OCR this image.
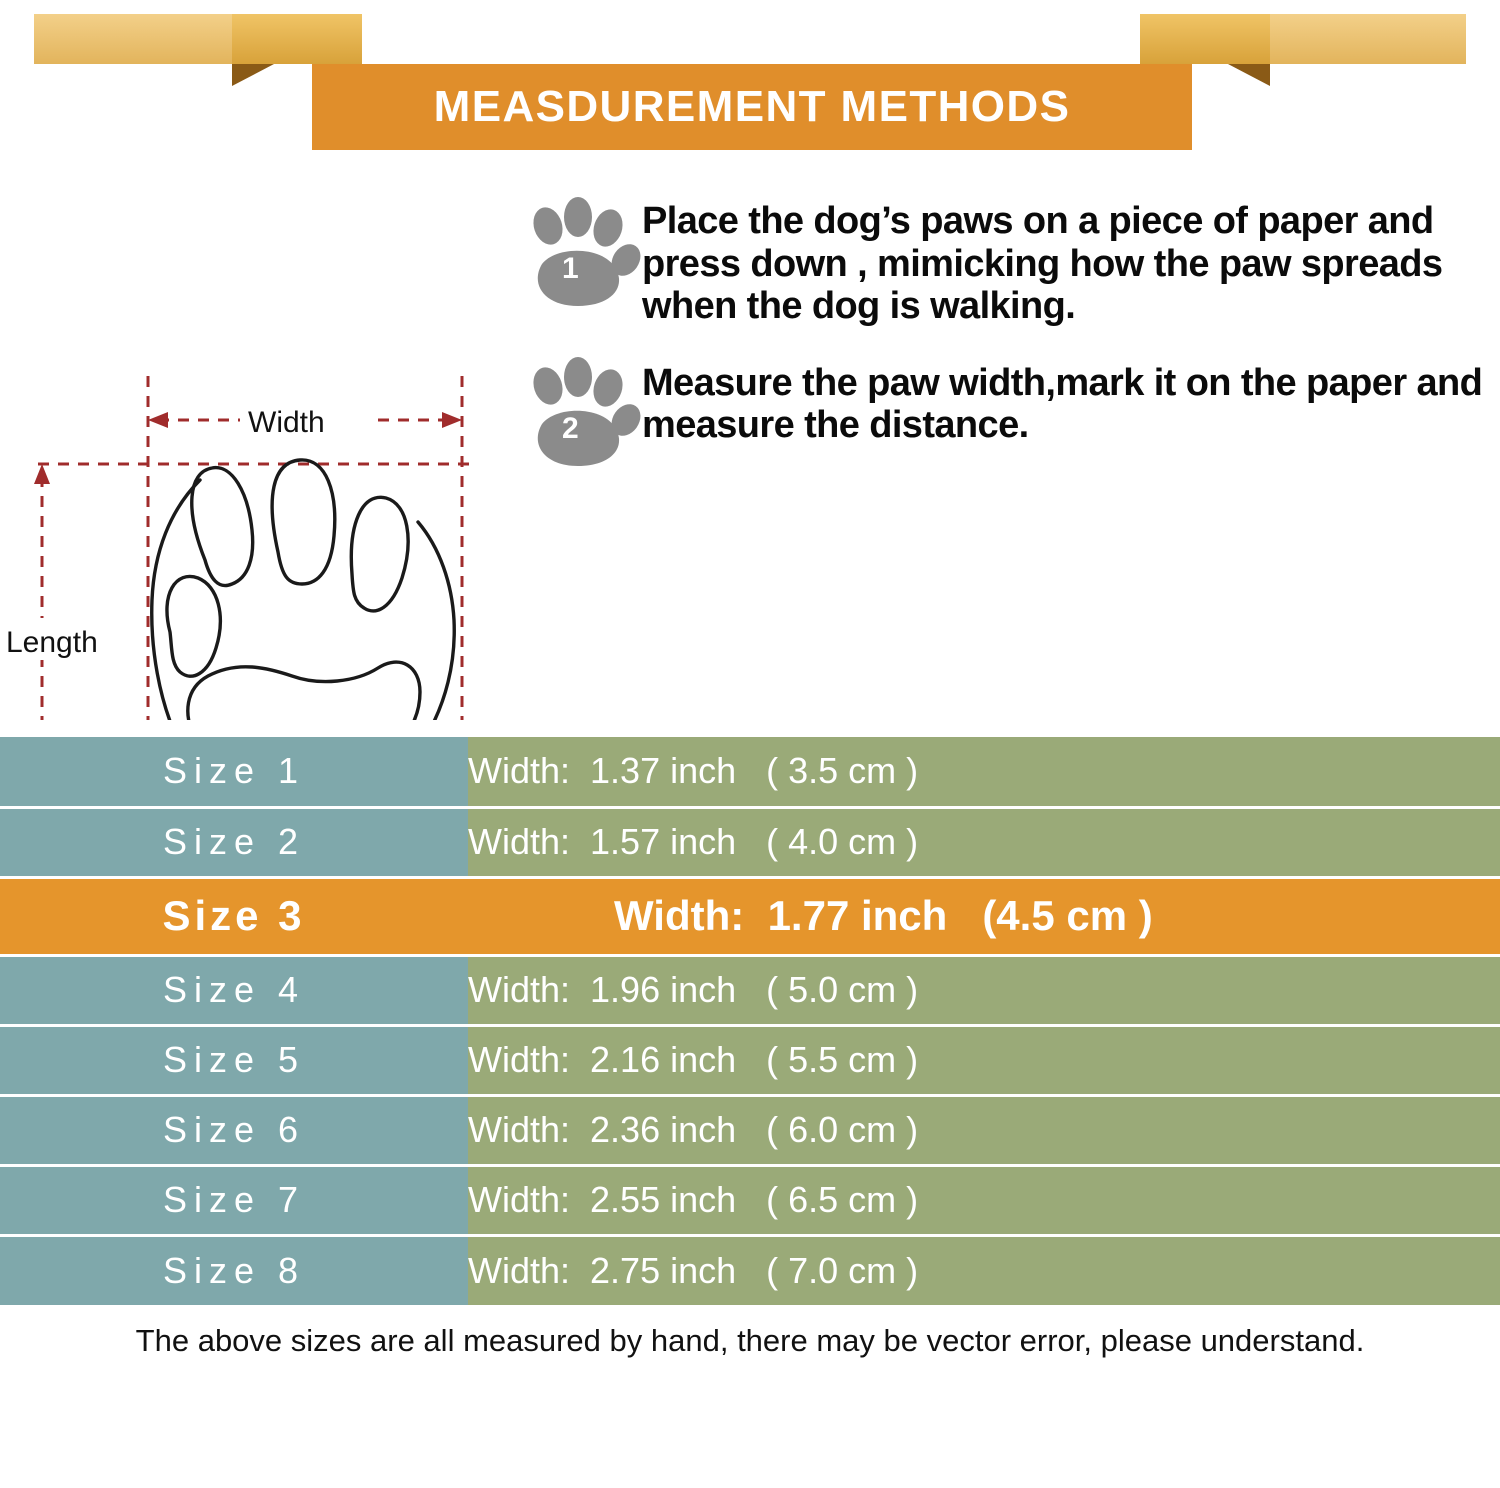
MEASDUREMENT METHODS
Width
Length
1
Place the dog’s paws on a piece of paper and press down , mimicking how the paw spreads when the dog is walking.
2
Measure the paw width,mark it on the paper and measure the distance.
Size 1	Width:  1.37 inch   ( 3.5 cm )
Size 2	Width:  1.57 inch   ( 4.0 cm )
Size 3	Width:  1.77 inch   (4.5 cm )
Size 4	Width:  1.96 inch   ( 5.0 cm )
Size 5	Width:  2.16 inch   ( 5.5 cm )
Size 6	Width:  2.36 inch   ( 6.0 cm )
Size 7	Width:  2.55 inch   ( 6.5 cm )
Size 8	Width:  2.75 inch   ( 7.0 cm )
The above sizes are all measured by hand, there may be vector error, please understand.
